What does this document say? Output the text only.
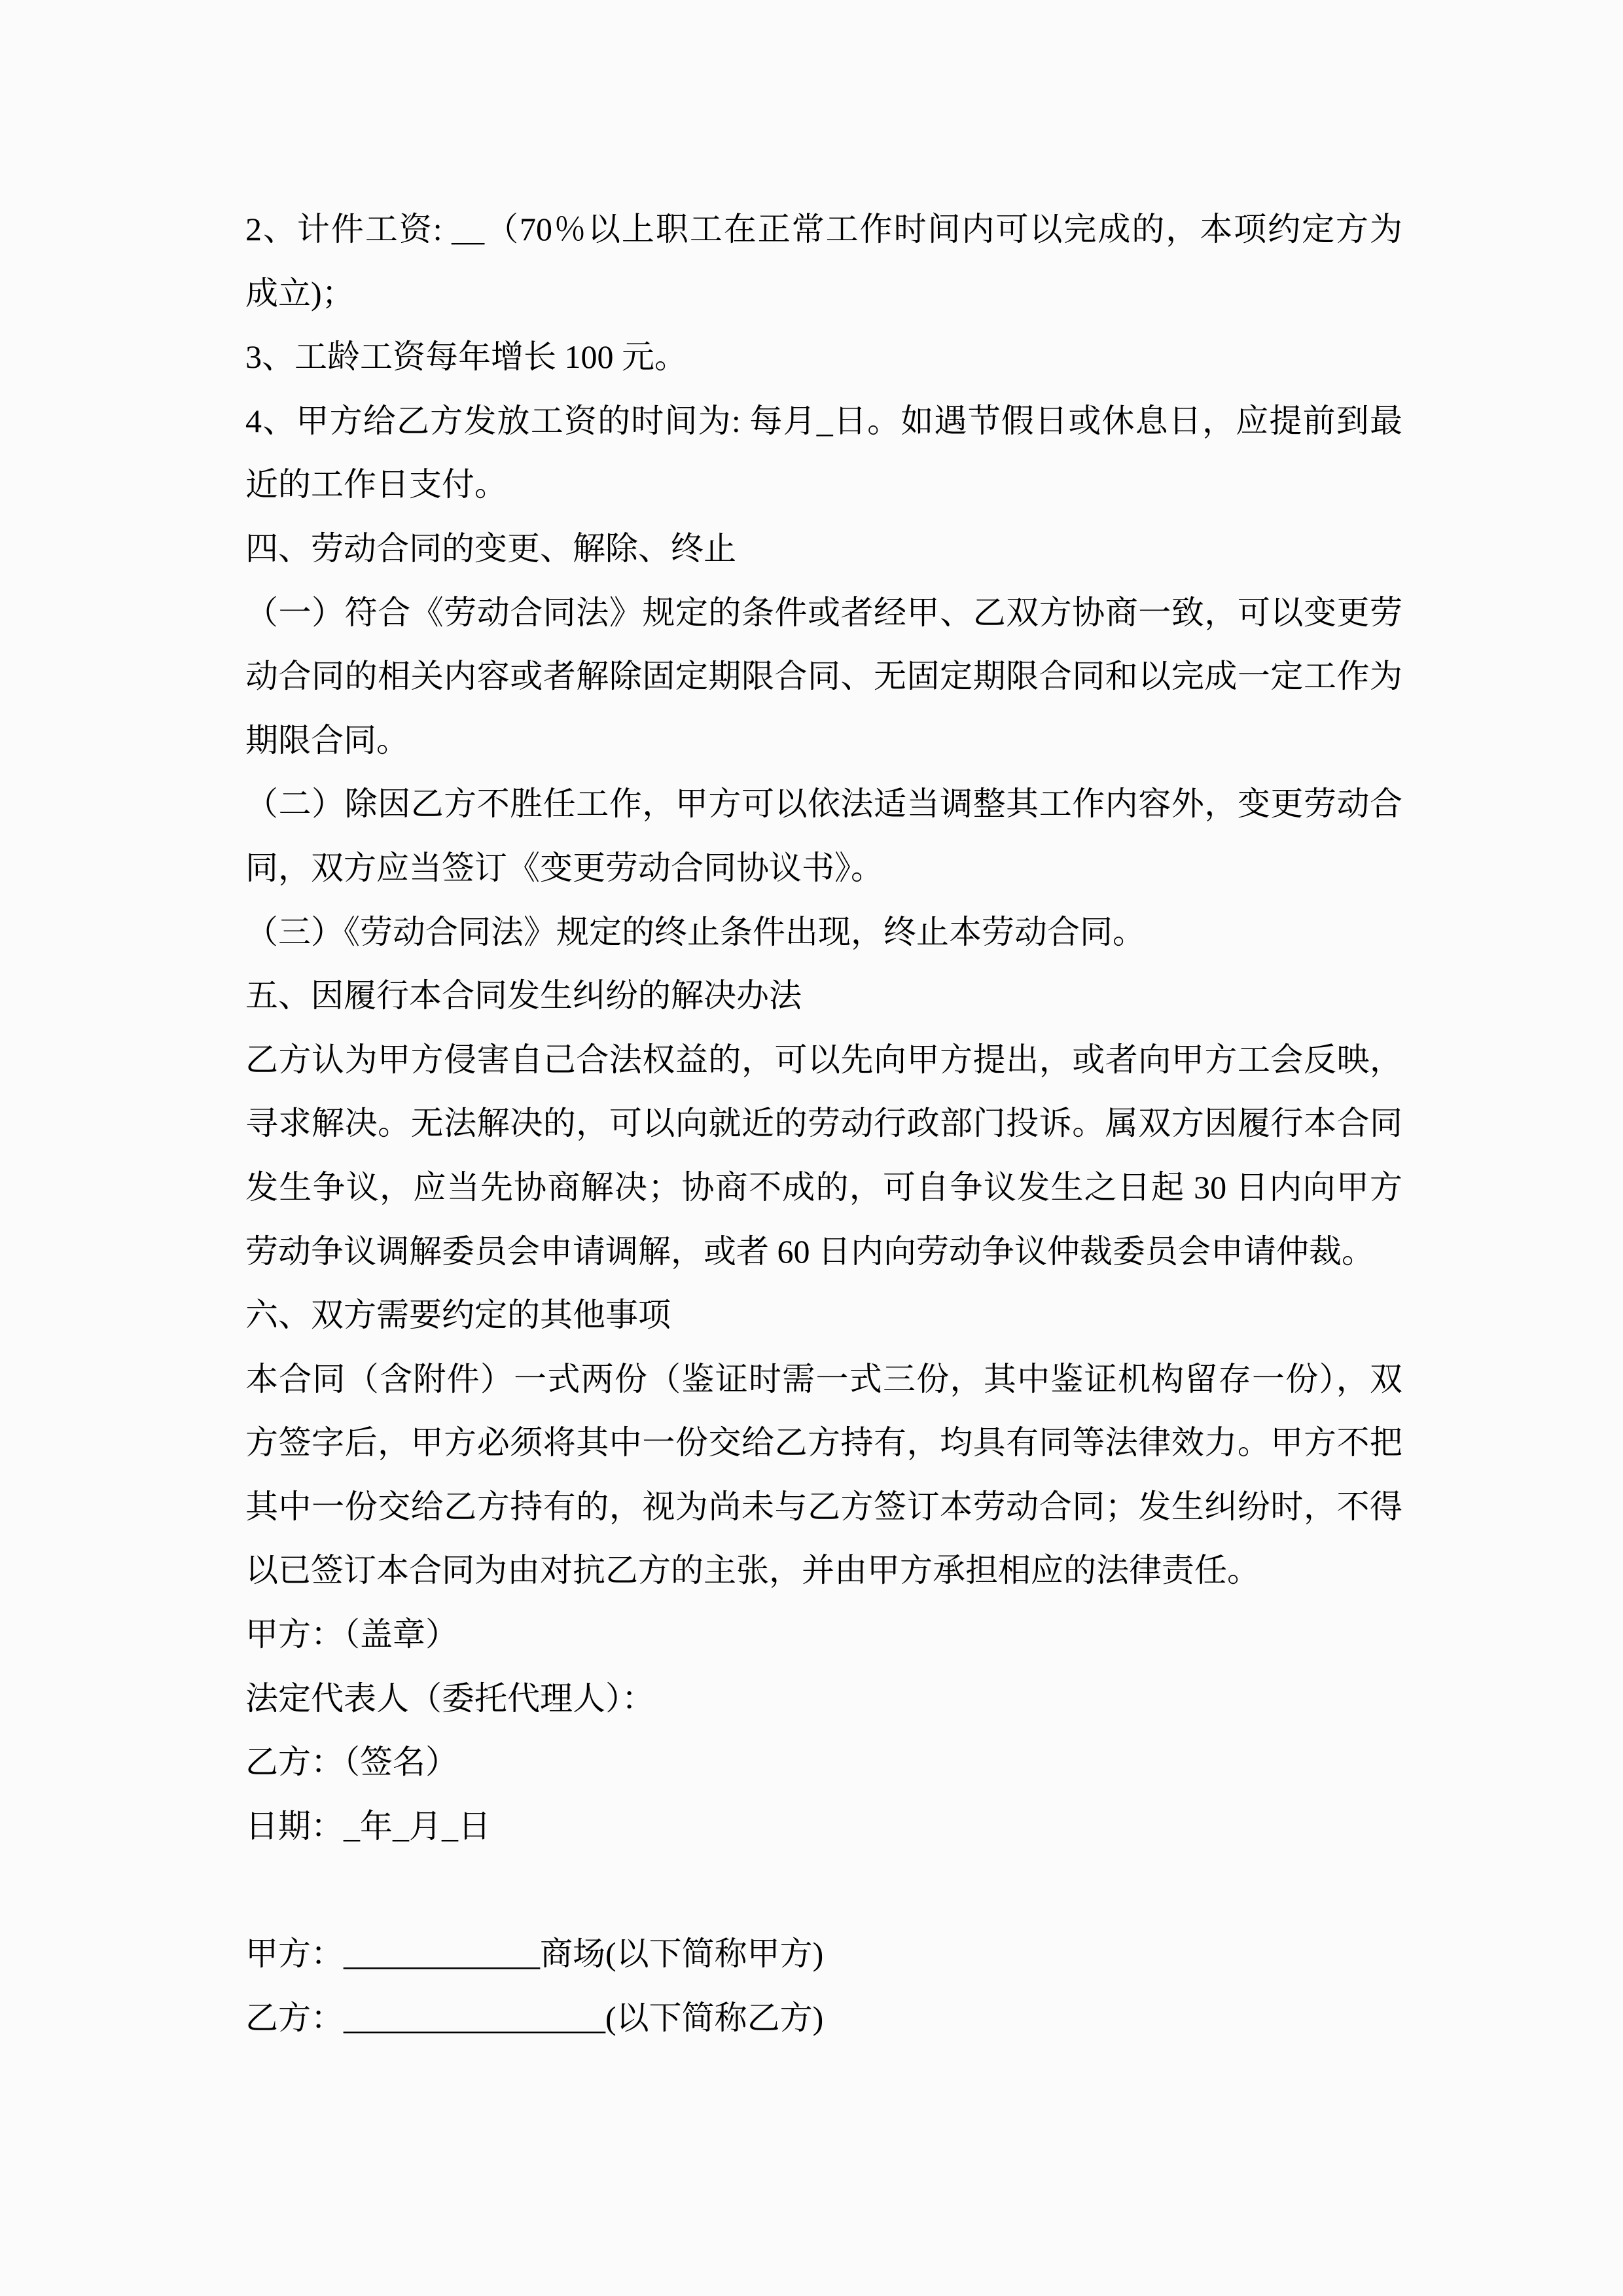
2、计件工资: __（70％以上职工在正常工作时间内可以完成的，本项约定方为
成立)；
3、工龄工资每年增长 100 元。
4、甲方给乙方发放工资的时间为: 每月_日。如遇节假日或休息日，应提前到最
近的工作日支付。
四、劳动合同的变更、解除、终止
（一）符合《劳动合同法》规定的条件或者经甲、乙双方协商一致，可以变更劳
动合同的相关内容或者解除固定期限合同、无固定期限合同和以完成一定工作为
期限合同。
（二）除因乙方不胜任工作，甲方可以依法适当调整其工作内容外，变更劳动合
同，双方应当签订《变更劳动合同协议书》。
（三）《劳动合同法》规定的终止条件出现，终止本劳动合同。
五、因履行本合同发生纠纷的解决办法
乙方认为甲方侵害自己合法权益的，可以先向甲方提出，或者向甲方工会反映，
寻求解决。无法解决的，可以向就近的劳动行政部门投诉。属双方因履行本合同
发生争议，应当先协商解决；协商不成的，可自争议发生之日起 30 日内向甲方
劳动争议调解委员会申请调解，或者 60 日内向劳动争议仲裁委员会申请仲裁。
六、双方需要约定的其他事项
本合同（含附件）一式两份（鉴证时需一式三份，其中鉴证机构留存一份），双
方签字后，甲方必须将其中一份交给乙方持有，均具有同等法律效力。甲方不把
其中一份交给乙方持有的，视为尚未与乙方签订本劳动合同；发生纠纷时，不得
以已签订本合同为由对抗乙方的主张，并由甲方承担相应的法律责任。
甲方：（盖章）
法定代表人（委托代理人）：
乙方：（签名）
日期：_年_月_日
甲方：____________商场(以下简称甲方)
乙方：________________(以下简称乙方)
